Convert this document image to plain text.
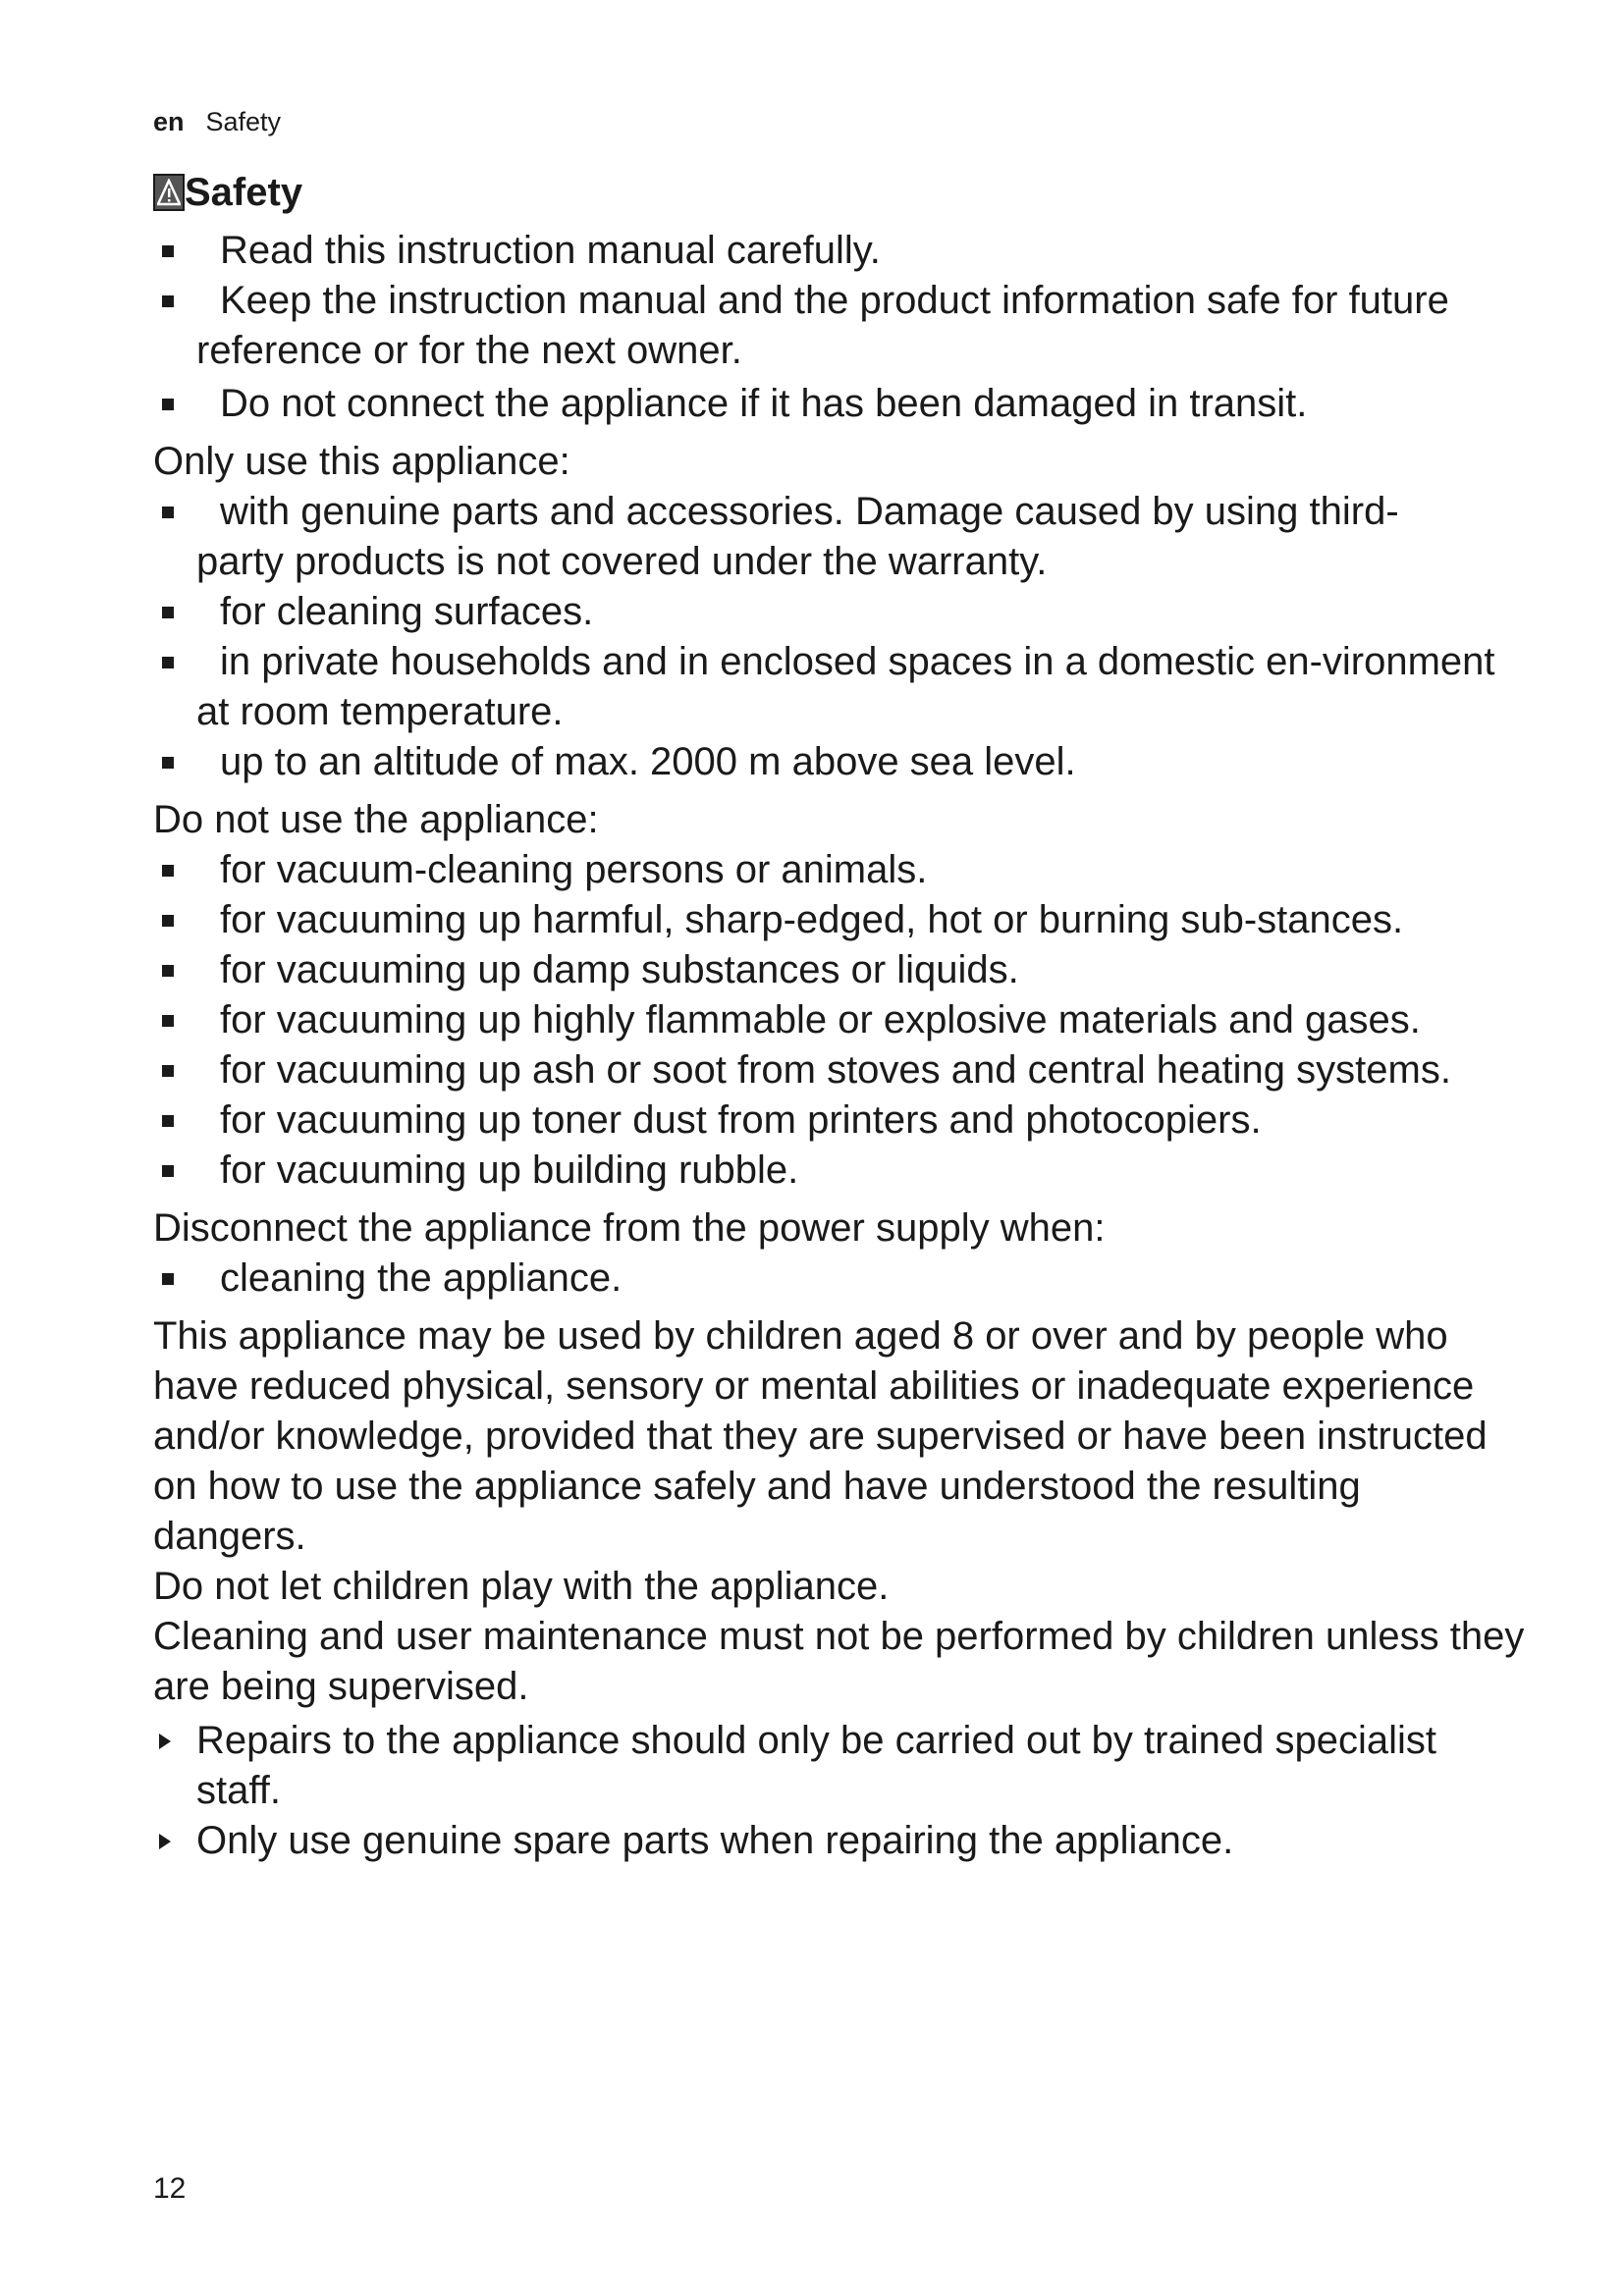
en Safety
Safety
Read this instruction manual carefully.
Keep the instruction manual and the product information safe for future reference or for the next owner.
Do not connect the appliance if it has been damaged in transit.
Only use this appliance:
with genuine parts and accessories. Damage caused by using third-party products is not covered under the warranty.
for cleaning surfaces.
in private households and in enclosed spaces in a domestic en-vironment at room temperature.
up to an altitude of max. 2000 m above sea level.
Do not use the appliance:
for vacuum-cleaning persons or animals.
for vacuuming up harmful, sharp-edged, hot or burning sub-stances.
for vacuuming up damp substances or liquids.
for vacuuming up highly flammable or explosive materials and gases.
for vacuuming up ash or soot from stoves and central heating systems.
for vacuuming up toner dust from printers and photocopiers.
for vacuuming up building rubble.
Disconnect the appliance from the power supply when:
cleaning the appliance.
This appliance may be used by children aged 8 or over and by people who have reduced physical, sensory or mental abilities or inadequate experience and/or knowledge, provided that they are supervised or have been instructed on how to use the appliance safely and have understood the resulting dangers.
Do not let children play with the appliance.
Cleaning and user maintenance must not be performed by children unless they are being supervised.
Repairs to the appliance should only be carried out by trained specialist staff.
Only use genuine spare parts when repairing the appliance.
12
